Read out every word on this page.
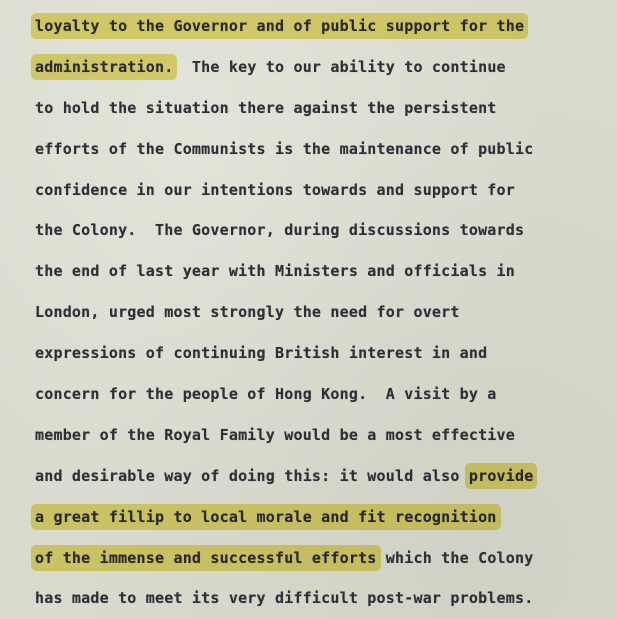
loyalty to the Governor and of public support for the
administration.  The key to our ability to continue
to hold the situation there against the persistent
efforts of the Communists is the maintenance of public
confidence in our intentions towards and support for
the Colony.  The Governor, during discussions towards
the end of last year with Ministers and officials in
London, urged most strongly the need for overt
expressions of continuing British interest in and
concern for the people of Hong Kong.  A visit by a
member of the Royal Family would be a most effective
and desirable way of doing this: it would also provide
a great fillip to local morale and fit recognition
of the immense and successful efforts which the Colony
has made to meet its very difficult post-war problems.
